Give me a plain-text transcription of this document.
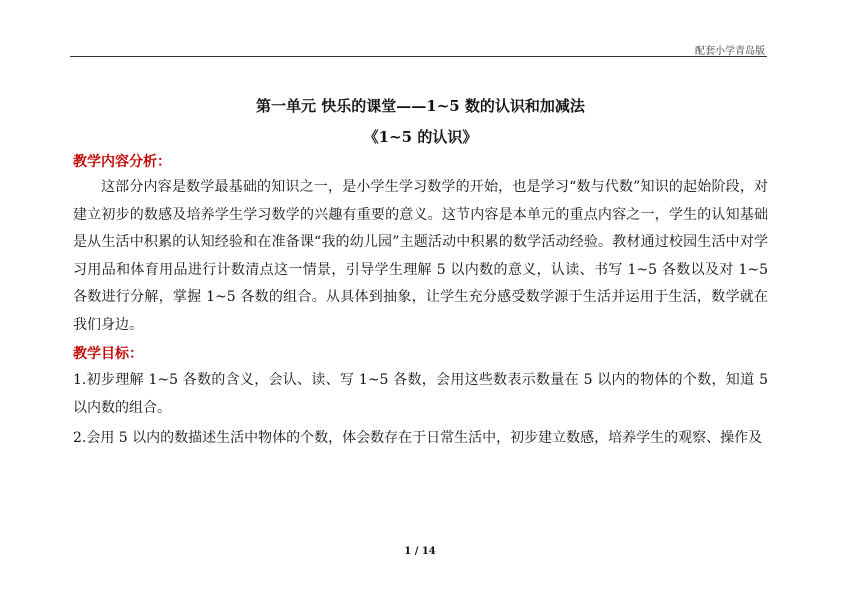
配套小学青岛版

第一单元 快乐的课堂——1~5 数的认识和加减法

《1~5 的认识》

教学内容分析：

这部分内容是数学最基础的知识之一，是小学生学习数学的开始，也是学习“数与代数”知识的起始阶段，对建立初步的数感及培养学生学习数学的兴趣有重要的意义。这节内容是本单元的重点内容之一，学生的认知基础是从生活中积累的认知经验和在准备课“我的幼儿园”主题活动中积累的数学活动经验。教材通过校园生活中对学习用品和体育用品进行计数清点这一情景，引导学生理解 5 以内数的意义，认读、书写 1~5 各数以及对 1~5 各数进行分解，掌握 1~5 各数的组合。从具体到抽象，让学生充分感受数学源于生活并运用于生活，数学就在我们身边。

教学目标：

1.初步理解 1~5 各数的含义，会认、读、写 1~5 各数，会用这些数表示数量在 5 以内的物体的个数，知道 5 以内数的组合。

2.会用 5 以内的数描述生活中物体的个数，体会数存在于日常生活中，初步建立数感，培养学生的观察、操作及

1 / 14
